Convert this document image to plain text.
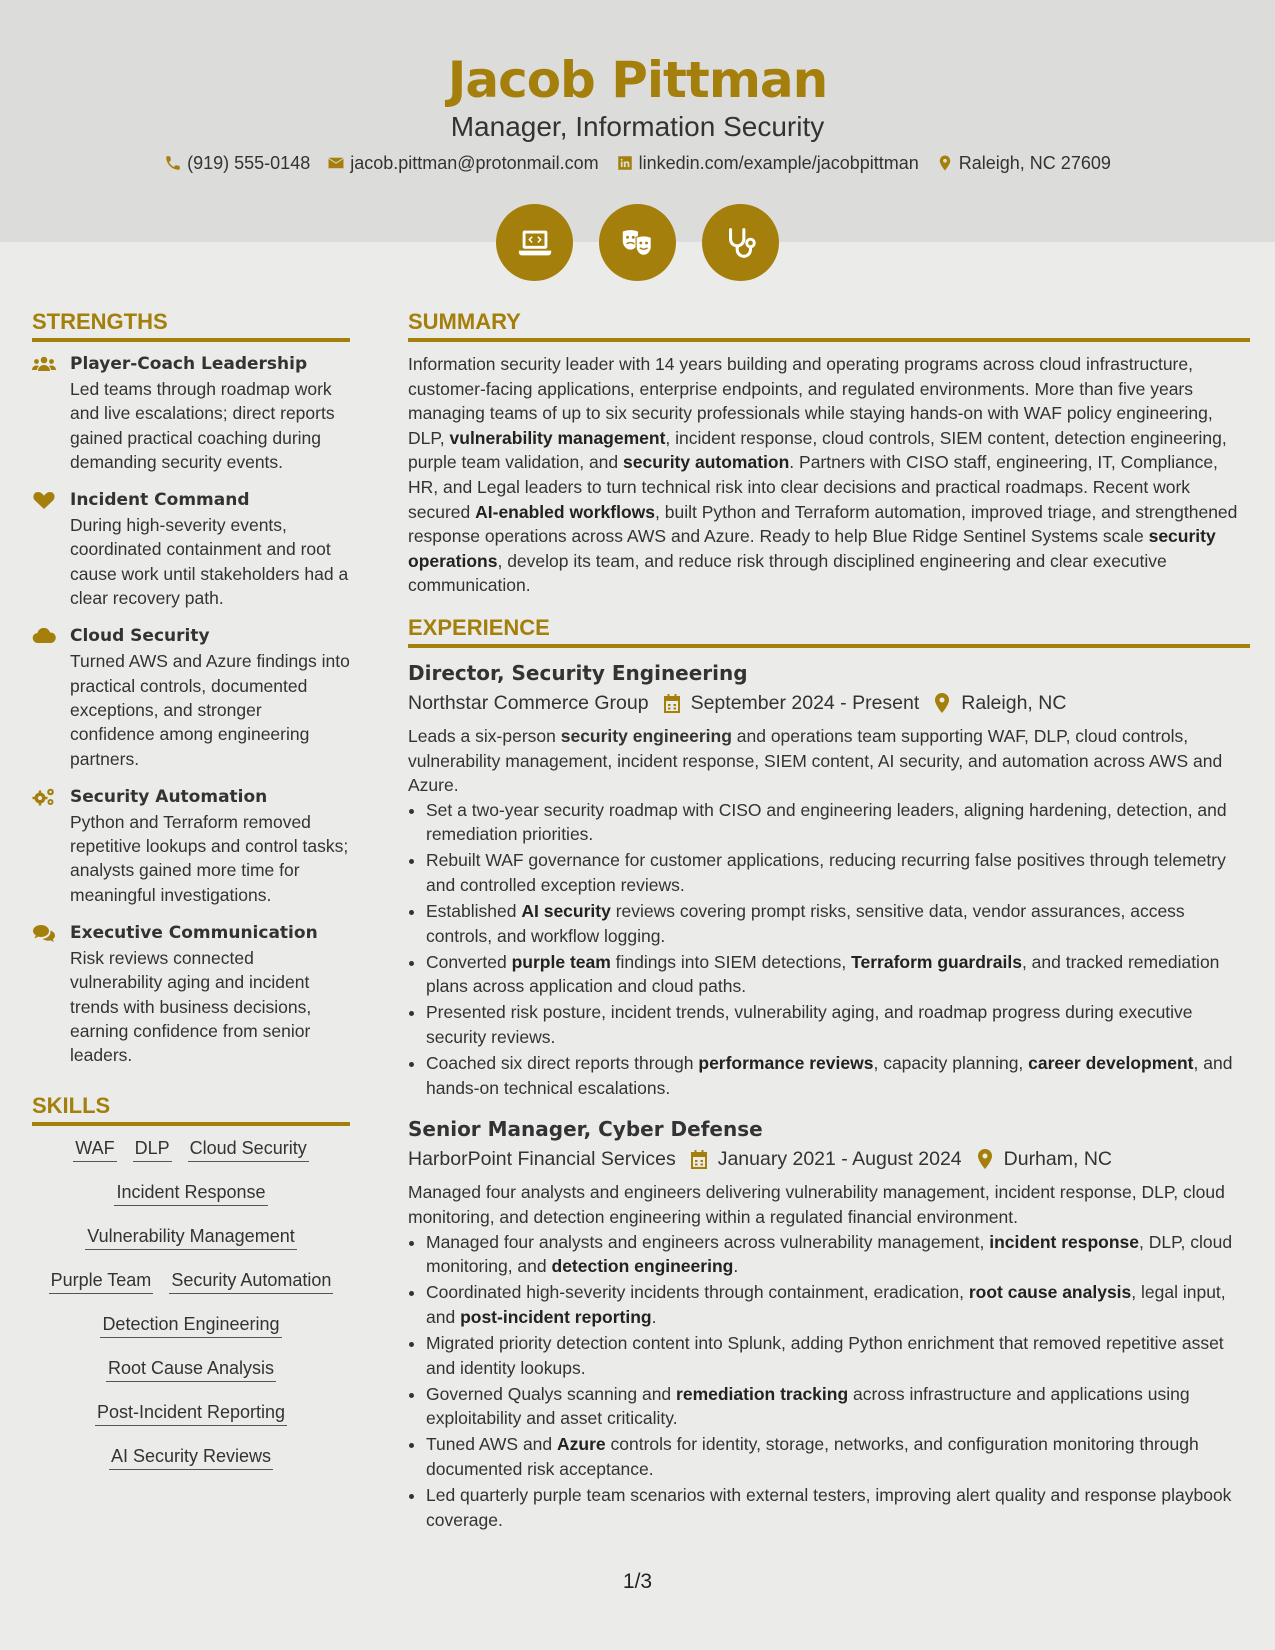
Jacob Pittman
Manager, Information Security
(919) 555-0148 jacob.pittman@protonmail.com linkedin.com/example/jacobpittman Raleigh, NC 27609
STRENGTHS
Player-Coach Leadership
Led teams through roadmap work and live escalations; direct reports gained practical coaching during demanding security events.
Incident Command
During high-severity events, coordinated containment and root cause work until stakeholders had a clear recovery path.
Cloud Security
Turned AWS and Azure findings into practical controls, documented exceptions, and stronger confidence among engineering partners.
Security Automation
Python and Terraform removed repetitive lookups and control tasks; analysts gained more time for meaningful investigations.
Executive Communication
Risk reviews connected vulnerability aging and incident trends with business decisions, earning confidence from senior leaders.
SKILLS
WAF DLP Cloud Security
Incident Response
Vulnerability Management
Purple Team Security Automation
Detection Engineering
Root Cause Analysis
Post-Incident Reporting
AI Security Reviews
SUMMARY

Information security leader with 14 years building and operating programs across cloud infrastructure, customer-facing applications, enterprise endpoints, and regulated environments. More than five years managing teams of up to six security professionals while staying hands-on with WAF policy engineering, DLP, vulnerability management, incident response, cloud controls, SIEM content, detection engineering, purple team validation, and security automation. Partners with CISO staff, engineering, IT, Compliance, HR, and Legal leaders to turn technical risk into clear decisions and practical roadmaps. Recent work secured AI-enabled workflows, built Python and Terraform automation, improved triage, and strengthened response operations across AWS and Azure. Ready to help Blue Ridge Sentinel Systems scale security operations, develop its team, and reduce risk through disciplined engineering and clear executive communication.

EXPERIENCE
Director, Security Engineering
Northstar Commerce Group September 2024 - Present Raleigh, NC
Leads a six-person security engineering and operations team supporting WAF, DLP, cloud controls, vulnerability management, incident response, SIEM content, AI security, and automation across AWS and Azure.
• Set a two-year security roadmap with CISO and engineering leaders, aligning hardening, detection, and remediation priorities.
• Rebuilt WAF governance for customer applications, reducing recurring false positives through telemetry and controlled exception reviews.
• Established AI security reviews covering prompt risks, sensitive data, vendor assurances, access controls, and workflow logging.
• Converted purple team findings into SIEM detections, Terraform guardrails, and tracked remediation plans across application and cloud paths.
• Presented risk posture, incident trends, vulnerability aging, and roadmap progress during executive security reviews.
• Coached six direct reports through performance reviews, capacity planning, career development, and hands-on technical escalations.
Senior Manager, Cyber Defense
HarborPoint Financial Services January 2021 - August 2024 Durham, NC
Managed four analysts and engineers delivering vulnerability management, incident response, DLP, cloud monitoring, and detection engineering within a regulated financial environment.
• Managed four analysts and engineers across vulnerability management, incident response, DLP, cloud monitoring, and detection engineering.
• Coordinated high-severity incidents through containment, eradication, root cause analysis, legal input, and post-incident reporting.
• Migrated priority detection content into Splunk, adding Python enrichment that removed repetitive asset and identity lookups.
• Governed Qualys scanning and remediation tracking across infrastructure and applications using exploitability and asset criticality.
• Tuned AWS and Azure controls for identity, storage, networks, and configuration monitoring through documented risk acceptance.
• Led quarterly purple team scenarios with external testers, improving alert quality and response playbook coverage.
1/3
